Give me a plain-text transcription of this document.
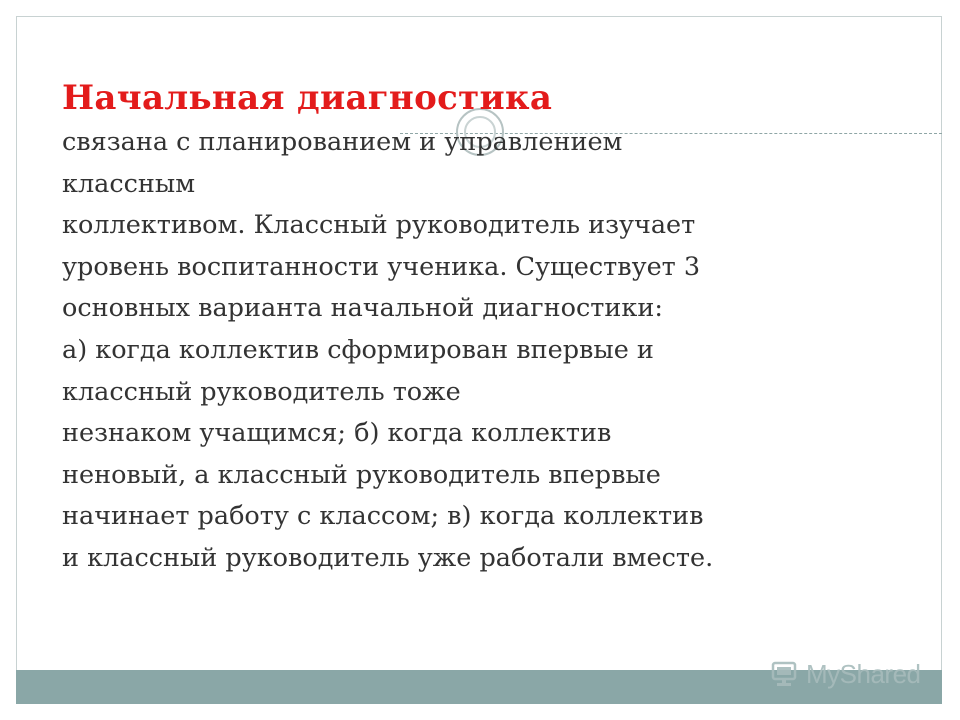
Начальная диагностика
связана с планированием и управлением
классным
коллективом. Классный руководитель изучает
уровень воспитанности ученика. Существует 3
основных варианта начальной диагностики:
а) когда коллектив сформирован впервые и
классный руководитель тоже
незнаком учащимся; б) когда коллектив
неновый, а классный руководитель впервые
начинает работу с классом; в) когда коллектив
и классный руководитель уже работали вместе.
MyShared
